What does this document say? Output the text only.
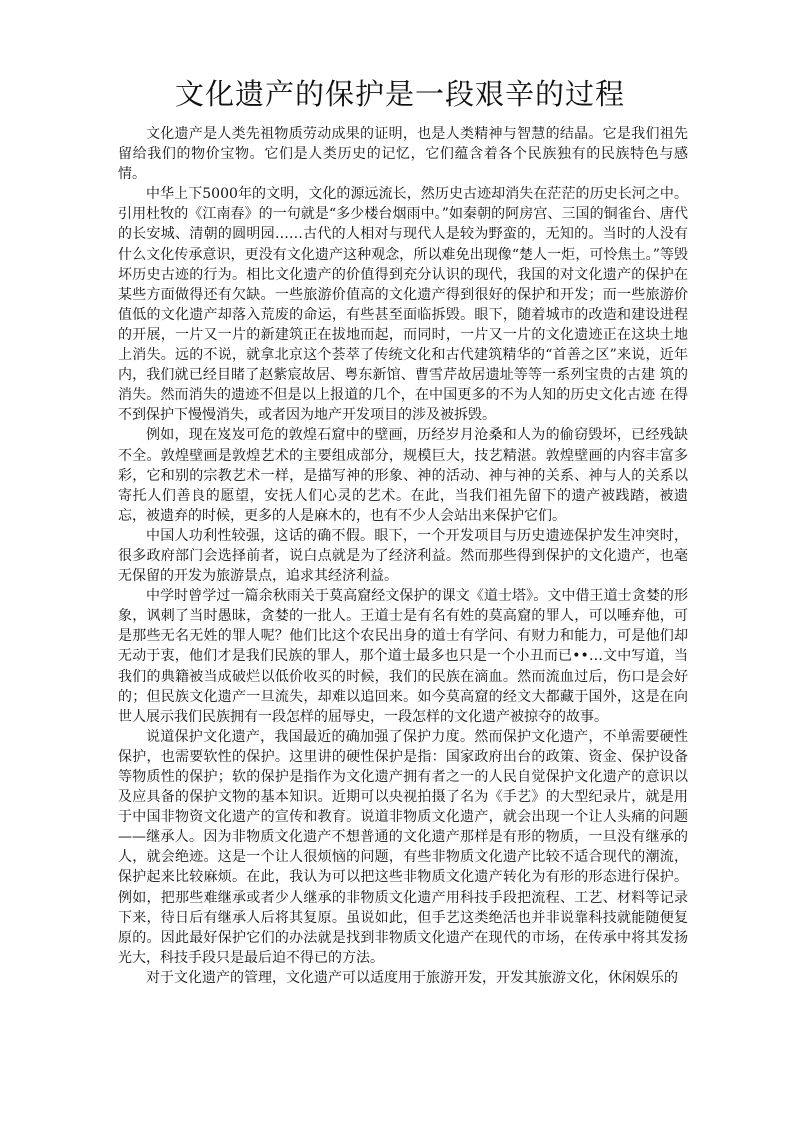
文化遗产的保护是一段艰辛的过程

文化遗产是人类先祖物质劳动成果的证明，也是人类精神与智慧的结晶。它是我们祖先留给我们的物价宝物。它们是人类历史的记忆，它们蕴含着各个民族独有的民族特色与感情。

中华上下5000年的文明，文化的源远流长，然历史古迹却消失在茫茫的历史长河之中。引用杜牧的《江南春》的一句就是“多少楼台烟雨中。”如秦朝的阿房宫、三国的铜雀台、唐代的长安城、清朝的圆明园……古代的人相对与现代人是较为野蛮的，无知的。当时的人没有什么文化传承意识，更没有文化遗产这种观念，所以难免出现像“楚人一炬，可怜焦土。”等毁坏历史古迹的行为。相比文化遗产的价值得到充分认识的现代，我国的对文化遗产的保护在某些方面做得还有欠缺。一些旅游价值高的文化遗产得到很好的保护和开发；而一些旅游价值低的文化遗产却落入荒废的命运，有些甚至面临拆毁。眼下，随着城市的改造和建设进程的开展，一片又一片的新建筑正在拔地而起，而同时，一片又一片的文化遗迹正在这块土地上消失。远的不说，就拿北京这个荟萃了传统文化和古代建筑精华的“首善之区”来说，近年内，我们就已经目睹了赵紫宸故居、粤东新馆、曹雪芹故居遗址等等一系列宝贵的古建 筑的消失。然而消失的遗迹不但是以上报道的几个，在中国更多的不为人知的历史文化古迹 在得不到保护下慢慢消失，或者因为地产开发项目的涉及被拆毁。

例如，现在岌岌可危的敦煌石窟中的壁画，历经岁月沧桑和人为的偷窃毁坏，已经残缺不全。敦煌壁画是敦煌艺术的主要组成部分，规模巨大，技艺精湛。敦煌壁画的内容丰富多彩，它和别的宗教艺术一样，是描写神的形象、神的活动、神与神的关系、神与人的关系以寄托人们善良的愿望，安抚人们心灵的艺术。在此，当我们祖先留下的遗产被践踏，被遗忘，被遗弃的时候，更多的人是麻木的，也有不少人会站出来保护它们。

中国人功利性较强，这话的确不假。眼下，一个开发项目与历史遗迹保护发生冲突时，很多政府部门会选择前者，说白点就是为了经济利益。然而那些得到保护的文化遗产，也毫无保留的开发为旅游景点，追求其经济利益。

中学时曾学过一篇余秋雨关于莫高窟经文保护的课文《道士塔》。文中借王道士贪婪的形象，讽刺了当时愚昧，贪婪的一批人。王道士是有名有姓的莫高窟的罪人，可以唾弃他，可是那些无名无姓的罪人呢？他们比这个农民出身的道士有学问、有财力和能力，可是他们却无动于衷，他们才是我们民族的罪人，那个道士最多也只是一个小丑而已••…文中写道，当我们的典籍被当成破烂以低价收买的时候，我们的民族在滴血。然而流血过后，伤口是会好的；但民族文化遗产一旦流失，却难以追回来。如今莫高窟的经文大都藏于国外，这是在向世人展示我们民族拥有一段怎样的屈辱史，一段怎样的文化遗产被掠夺的故事。

说道保护文化遗产，我国最近的确加强了保护力度。然而保护文化遗产，不单需要硬性保护，也需要软性的保护。这里讲的硬性保护是指：国家政府出台的政策、资金、保护设备等物质性的保护；软的保护是指作为文化遗产拥有者之一的人民自觉保护文化遗产的意识以及应具备的保护文物的基本知识。近期可以央视拍摄了名为《手艺》的大型纪录片，就是用于中国非物资文化遗产的宣传和教育。说道非物质文化遗产，就会出现一个让人头痛的问题——继承人。因为非物质文化遗产不想普通的文化遗产那样是有形的物质，一旦没有继承的人，就会绝迹。这是一个让人很烦恼的问题，有些非物质文化遗产比较不适合现代的潮流，保护起来比较麻烦。在此，我认为可以把这些非物质文化遗产转化为有形的形态进行保护。例如，把那些难继承或者少人继承的非物质文化遗产用科技手段把流程、工艺、材料等记录下来，待日后有继承人后将其复原。虽说如此，但手艺这类绝活也并非说靠科技就能随便复原的。因此最好保护它们的办法就是找到非物质文化遗产在现代的市场，在传承中将其发扬光大，科技手段只是最后迫不得已的方法。

对于文化遗产的管理，文化遗产可以适度用于旅游开发，开发其旅游文化，休闲娱乐的
